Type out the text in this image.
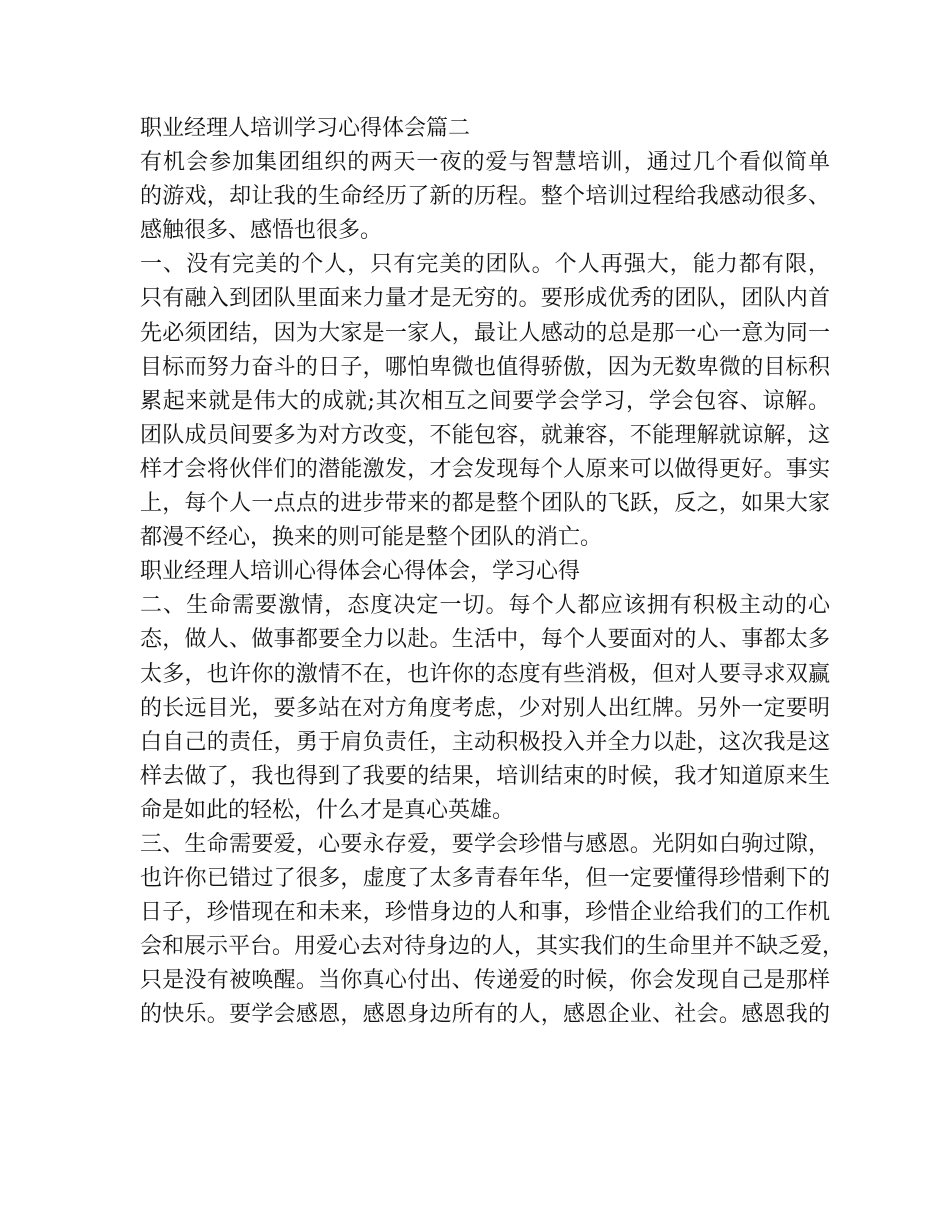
职业经理人培训学习心得体会篇二
有机会参加集团组织的两天一夜的爱与智慧培训，通过几个看似简单
的游戏，却让我的生命经历了新的历程。整个培训过程给我感动很多、
感触很多、感悟也很多。
一、没有完美的个人，只有完美的团队。个人再强大，能力都有限，
只有融入到团队里面来力量才是无穷的。要形成优秀的团队，团队内首
先必须团结，因为大家是一家人，最让人感动的总是那一心一意为同一
目标而努力奋斗的日子，哪怕卑微也值得骄傲，因为无数卑微的目标积
累起来就是伟大的成就;其次相互之间要学会学习，学会包容、谅解。
团队成员间要多为对方改变，不能包容，就兼容，不能理解就谅解，这
样才会将伙伴们的潜能激发，才会发现每个人原来可以做得更好。事实
上，每个人一点点的进步带来的都是整个团队的飞跃，反之，如果大家
都漫不经心，换来的则可能是整个团队的消亡。
职业经理人培训心得体会心得体会，学习心得
二、生命需要激情，态度决定一切。每个人都应该拥有积极主动的心
态，做人、做事都要全力以赴。生活中，每个人要面对的人、事都太多
太多，也许你的激情不在，也许你的态度有些消极，但对人要寻求双赢
的长远目光，要多站在对方角度考虑，少对别人出红牌。另外一定要明
白自己的责任，勇于肩负责任，主动积极投入并全力以赴，这次我是这
样去做了，我也得到了我要的结果，培训结束的时候，我才知道原来生
命是如此的轻松，什么才是真心英雄。
三、生命需要爱，心要永存爱，要学会珍惜与感恩。光阴如白驹过隙，
也许你已错过了很多，虚度了太多青春年华，但一定要懂得珍惜剩下的
日子，珍惜现在和未来，珍惜身边的人和事，珍惜企业给我们的工作机
会和展示平台。用爱心去对待身边的人，其实我们的生命里并不缺乏爱，
只是没有被唤醒。当你真心付出、传递爱的时候，你会发现自己是那样
的快乐。要学会感恩，感恩身边所有的人，感恩企业、社会。感恩我的
